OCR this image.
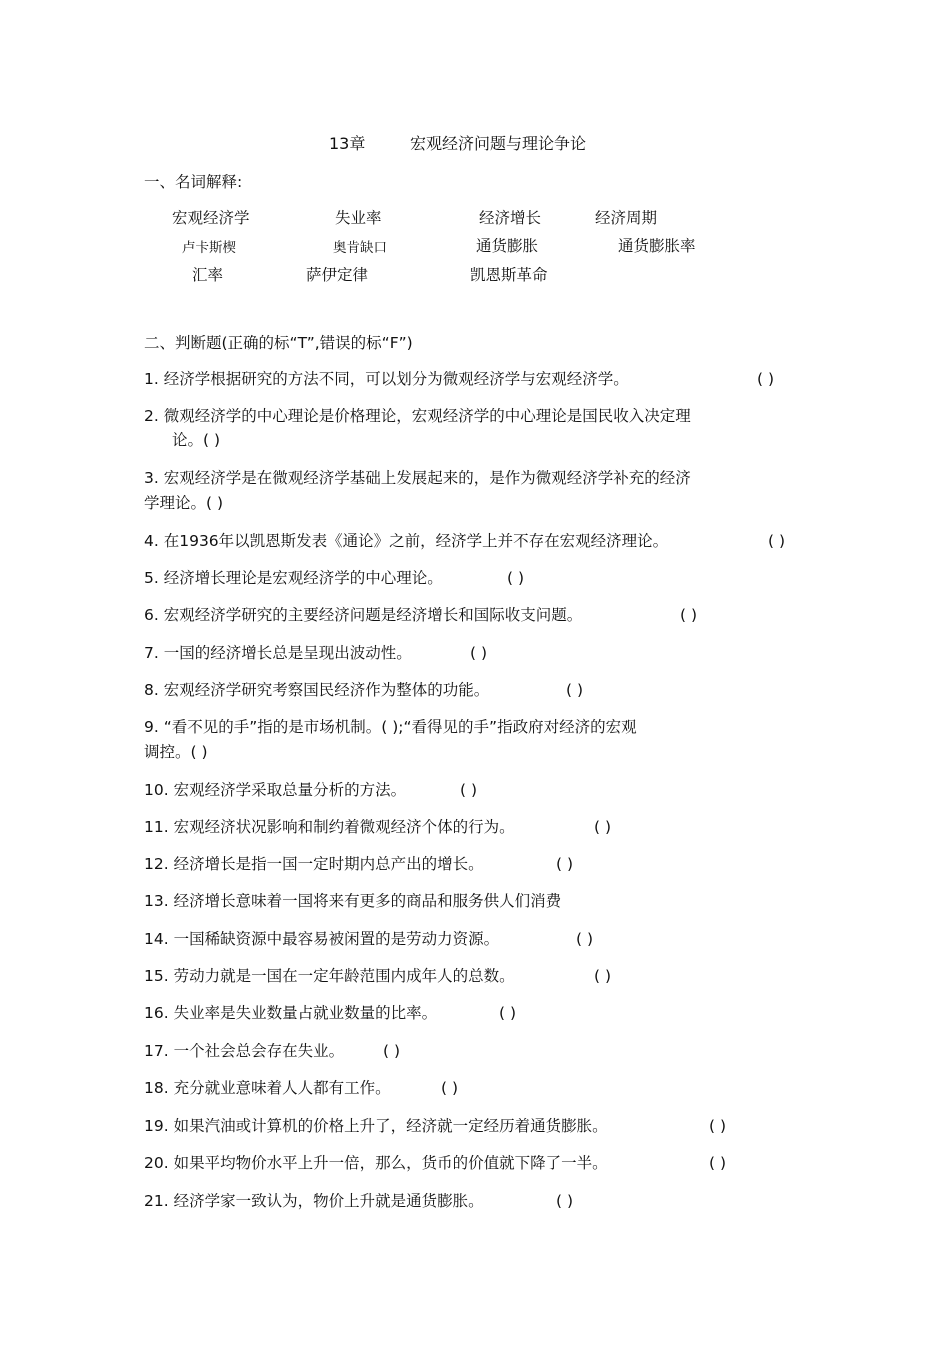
13章	宏观经济问题与理论争论
一、名词解释:
宏观经济学	失业率	经济增长	经济周期
卢卡斯楔	奥肯缺口	通货膨胀	通货膨胀率
汇率	萨伊定律	凯恩斯革命
二、判断题(正确的标“T”,错误的标“F”)
1. 经济学根据研究的方法不同，可以划分为微观经济学与宏观经济学。	( )
2. 微观经济学的中心理论是价格理论，宏观经济学的中心理论是国民收入决定理
论。( )
3. 宏观经济学是在微观经济学基础上发展起来的，是作为微观经济学补充的经济
学理论。( )
4. 在1936年以凯恩斯发表《通论》之前，经济学上并不存在宏观经济理论。	( )
5. 经济增长理论是宏观经济学的中心理论。	( )
6. 宏观经济学研究的主要经济问题是经济增长和国际收支问题。	( )
7. 一国的经济增长总是呈现出波动性。	( )
8. 宏观经济学研究考察国民经济作为整体的功能。	( )
9. “看不见的手”指的是市场机制。( );“看得见的手”指政府对经济的宏观
调控。( )
10. 宏观经济学采取总量分析的方法。	( )
11. 宏观经济状况影响和制约着微观经济个体的行为。	( )
12. 经济增长是指一国一定时期内总产出的增长。	( )
13. 经济增长意味着一国将来有更多的商品和服务供人们消费
14. 一国稀缺资源中最容易被闲置的是劳动力资源。	( )
15. 劳动力就是一国在一定年龄范围内成年人的总数。	( )
16. 失业率是失业数量占就业数量的比率。	( )
17. 一个社会总会存在失业。	( )
18. 充分就业意味着人人都有工作。	( )
19. 如果汽油或计算机的价格上升了，经济就一定经历着通货膨胀。	( )
20. 如果平均物价水平上升一倍，那么，货币的价值就下降了一半。	( )
21. 经济学家一致认为，物价上升就是通货膨胀。	( )
